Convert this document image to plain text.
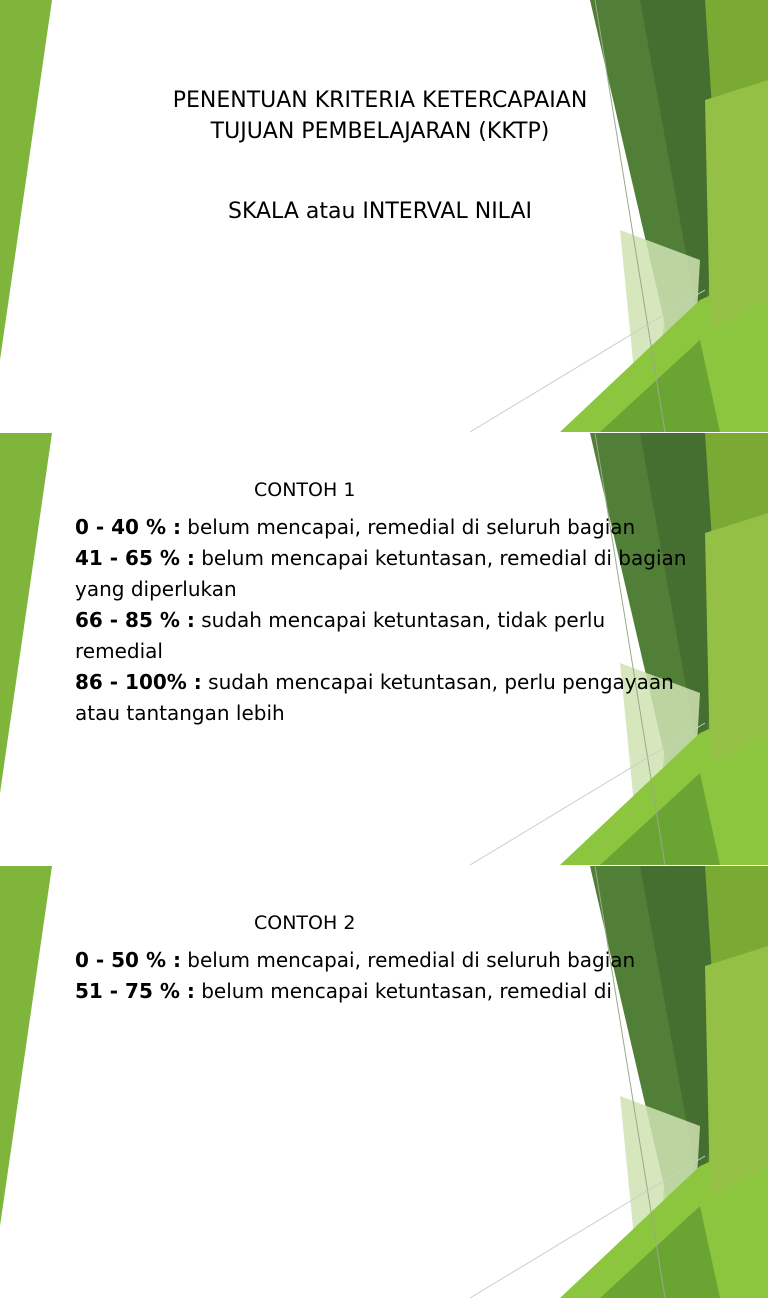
PENENTUAN KRITERIA KETERCAPAIAN
TUJUAN PEMBELAJARAN (KKTP)
SKALA atau INTERVAL NILAI
CONTOH 1

0 - 40 % : belum mencapai, remedial di seluruh bagian

41 - 65 % : belum mencapai ketuntasan, remedial di bagian yang diperlukan

66 - 85 % : sudah mencapai ketuntasan, tidak perlu remedial

86 - 100% : sudah mencapai ketuntasan, perlu pengayaan atau tantangan lebih

CONTOH 2

0 - 50 % : belum mencapai, remedial di seluruh bagian

51 - 75 % : belum mencapai ketuntasan, remedial di
